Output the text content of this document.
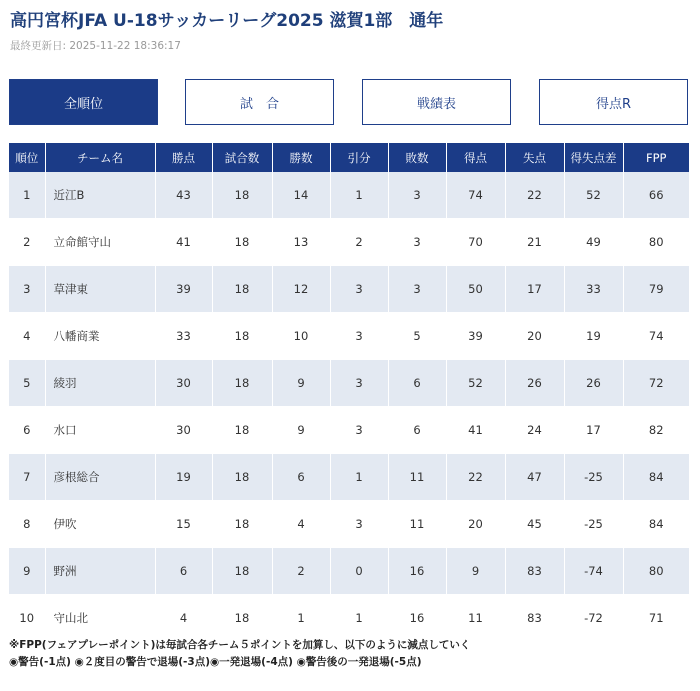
高円宮杯JFA U-18サッカーリーグ2025 滋賀1部　通年
最終更新日: 2025-11-22 18:36:17
全順位	試　合	戦績表	得点R
順位	チーム名	勝点	試合数	勝数	引分	敗数	得点	失点	得失点差	FPP
1	近江B	43	18	14	1	3	74	22	52	66
2	立命館守山	41	18	13	2	3	70	21	49	80
3	草津東	39	18	12	3	3	50	17	33	79
4	八幡商業	33	18	10	3	5	39	20	19	74
5	綾羽	30	18	9	3	6	52	26	26	72
6	水口	30	18	9	3	6	41	24	17	82
7	彦根総合	19	18	6	1	11	22	47	-25	84
8	伊吹	15	18	4	3	11	20	45	-25	84
9	野洲	6	18	2	0	16	9	83	-74	80
10	守山北	4	18	1	1	16	11	83	-72	71
※FPP(フェアプレーポイント)は毎試合各チーム５ポイントを加算し、以下のように減点していく
◉警告(-1点) ◉２度目の警告で退場(-3点)◉一発退場(-4点) ◉警告後の一発退場(-5点)
